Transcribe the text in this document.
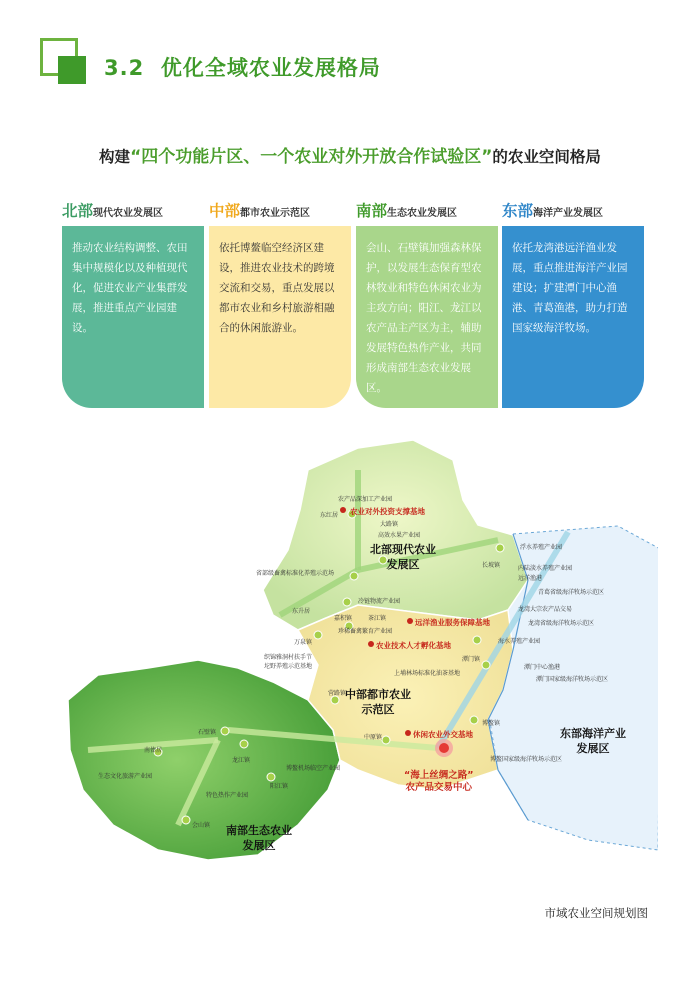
3.2 优化全域农业发展格局
构建“四个功能片区、一个农业对外开放合作试验区”的农业空间格局
北部现代农业发展区
推动农业结构调整、农田集中规模化以及种植现代化，促进农业产业集群发展，推进重点产业园建设。
中部都市农业示范区
依托博鳌临空经济区建设，推进农业技术的跨境交流和交易，重点发展以都市农业和乡村旅游相融合的休闲旅游业。
南部生态农业发展区
会山、石壁镇加强森林保护，以发展生态保育型农林牧业和特色休闲农业为主攻方向；阳江、龙江以农产品主产区为主，辅助发展特色热作产业，共同形成南部生态农业发展区。
东部海洋产业发展区
依托龙湾港远洋渔业发展，重点推进海洋产业园建设；扩建潭门中心渔港、青葛渔港，助力打造国家级海洋牧场。
北部现代农业
发展区
中部都市农业
示范区
南部生态农业
发展区
东部海洋产业
发展区
农业对外投资支撑基地
远洋渔业服务保障基地
农业技术人才孵化基地
休闲农业外交基地
“海上丝绸之路”
农产品交易中心
农产品深加工产业园
大路镇
高效水果产业园
东红居
省部级畜禽标准化养殖示范场
冷链物流产业园
嘉积镇	茶江镇
珍稀畜禽繁育产业园
东升居
万泉镇
织锦雅洞村扶手节
坨野养殖示范基地
营路镇
长坡镇
浮水养殖产业园
内陆淡水养殖产业园
远洋渔港
青葛省级海洋牧场示范区
龙湾大宗农产品交易
龙湾省级海洋牧场示范区
海水养殖产业园
潭门镇
潭门中心渔港
潭门国家级海洋牧场示范区
上埔林场标准化油茶基地
博鳌镇
博鳌国家级海洋牧场示范区
中原镇
石壁镇
南俸居
龙江镇
生态文化旅游产业园
阳江镇
特色热作产业园
会山镇
博鳌机场临空产业园
市域农业空间规划图
